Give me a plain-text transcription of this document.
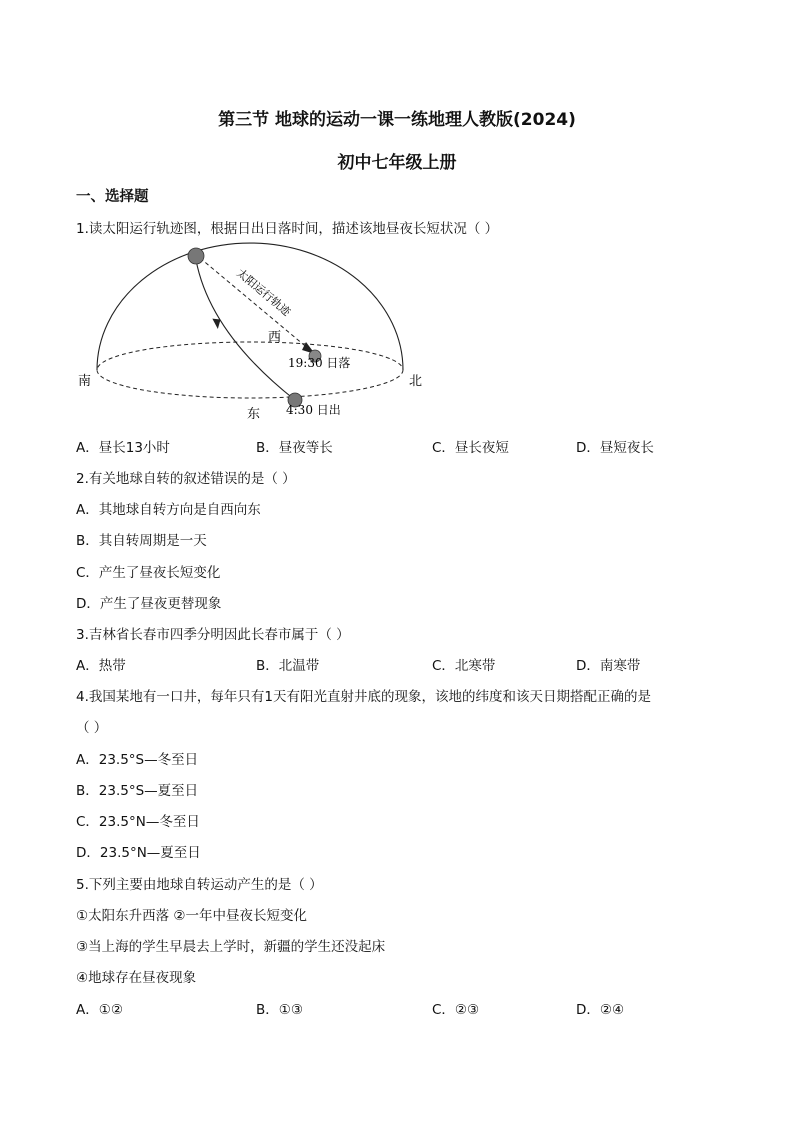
第三节 地球的运动一课一练地理人教版(2024)
初中七年级上册
一、选择题
1.读太阳运行轨迹图，根据日出日落时间，描述该地昼夜长短状况（ ）
南	北
东
西
19:30 日落
4:30 日出
太阳运行轨迹
A．昼长13小时	B．昼夜等长	C．昼长夜短	D．昼短夜长
2.有关地球自转的叙述错误的是（ ）
A．其地球自转方向是自西向东
B．其自转周期是一天
C．产生了昼夜长短变化
D．产生了昼夜更替现象
3.吉林省长春市四季分明因此长春市属于（ ）
A．热带	B．北温带	C．北寒带	D．南寒带
4.我国某地有一口井，每年只有1天有阳光直射井底的现象，该地的纬度和该天日期搭配正确的是
（ ）
A．23.5°S—冬至日
B．23.5°S—夏至日
C．23.5°N—冬至日
D．23.5°N—夏至日
5.下列主要由地球自转运动产生的是（ ）
①太阳东升西落 ②一年中昼夜长短变化
③当上海的学生早晨去上学时，新疆的学生还没起床
④地球存在昼夜现象
A．①②	B．①③	C．②③	D．②④
